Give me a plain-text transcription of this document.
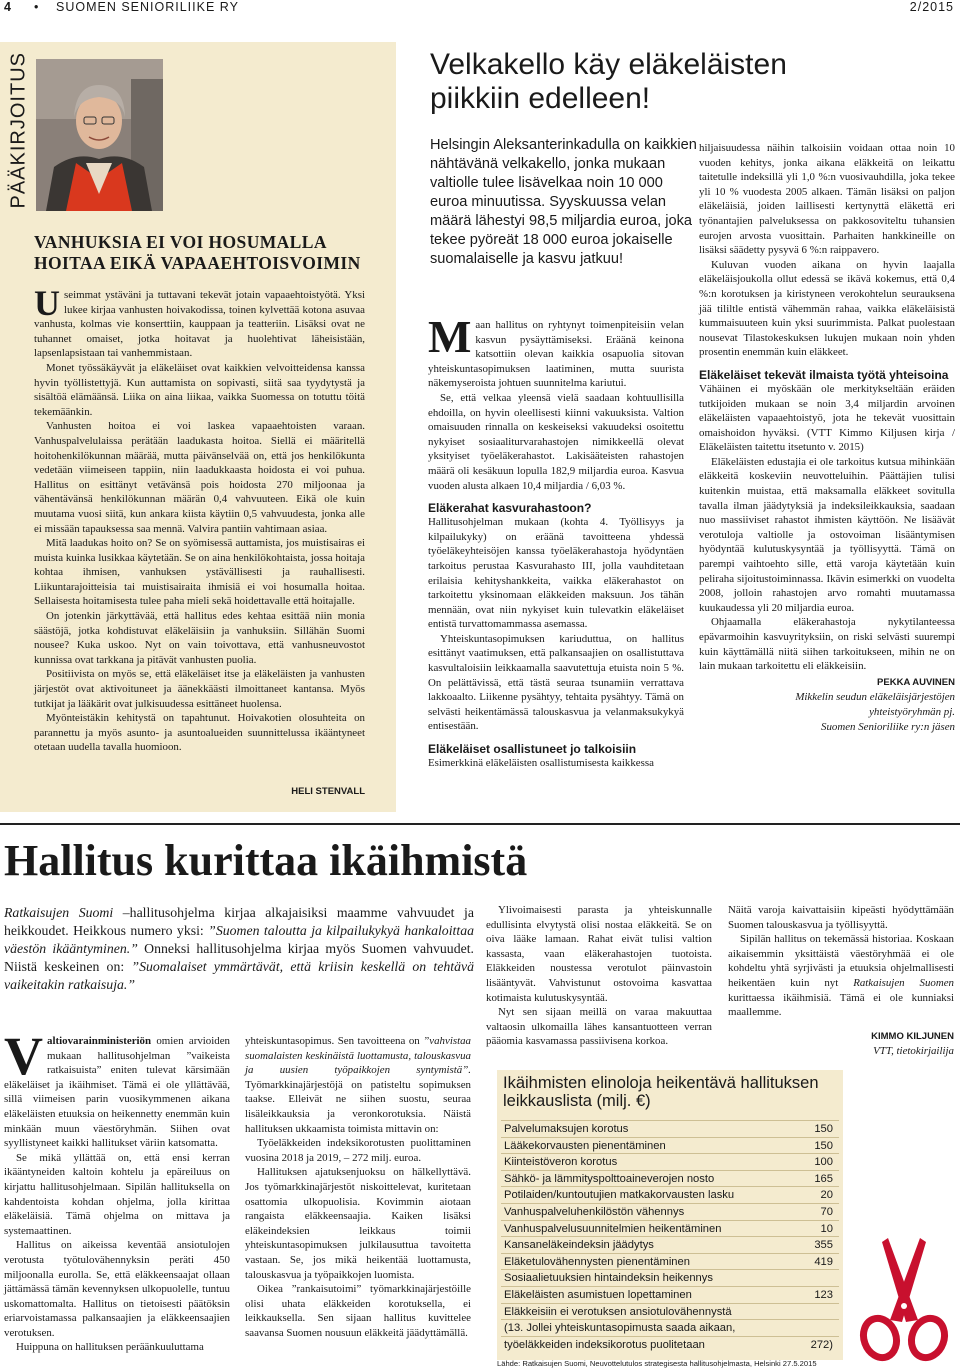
4 • SUOMEN SENIORILIIKE RY	2/2015
PÄÄKIRJOITUS
VANHUKSIA EI VOI HOSUMALLA
HOITAA EIKÄ VAPAAEHTOISVOIMIN

Useimmat ystäväni ja tuttavani tekevät jotain vapaaehtoistyötä. Yksi lukee kirjaa vanhusten hoivakodissa, toinen kylvettää kotona asuvaa vanhusta, kolmas vie konserttiin, kauppaan ja teatteriin. Lisäksi ovat ne tuhannet omaiset, jotka hoitavat ja huolehtivat läheisistään, lapsenlapsistaan tai vanhemmistaan.

Monet työssäkäyvät ja eläkeläiset ovat kaikkien velvoitteidensa kanssa hyvin työllistettyjä. Kun auttamista on sopivasti, siitä saa tyydytystä ja sisältöä elämäänsä. Liika on aina liikaa, vaikka Suomessa on totuttu töitä tekemäänkin.

Vanhusten hoitoa ei voi laskea vapaaehtoisten varaan. Vanhuspalvelulaissa perätään laadukasta hoitoa. Siellä ei määritellä hoitohenkilökunnan määrää, mutta päivänselvää on, että jos henkilökunta vedetään viimeiseen tappiin, niin laadukkaasta hoidosta ei voi puhua. Hallitus on esittänyt vetävänsä pois hoidosta 270 miljoonaa ja vähentävänsä henkilökunnan määrän 0,4 vahvuuteen. Eikä ole kuin muutama vuosi siitä, kun ankara kiista käytiin 0,5 vahvuudesta, jonka alle ei missään tapauksessa saa mennä. Valvira pantiin vahtimaan asiaa.

Mitä laadukas hoito on? Se on syömisessä auttamista, jos muistisairas ei muista kuinka lusikkaa käytetään. Se on aina henkilökohtaista, jossa hoitaja kohtaa ihmisen, vanhuksen ystävällisesti ja rauhallisesti. Liikuntarajoitteisia tai muistisairaita ihmisiä ei voi hosumalla hoitaa. Sellaisesta hoitamisesta tulee paha mieli sekä hoidettavalle että hoitajalle.

On jotenkin järkyttävää, että hallitus edes kehtaa esittää niin monia säästöjä, jotka kohdistuvat eläkeläisiin ja vanhuksiin. Sillähän Suomi nousee? Kuka uskoo. Nyt on vain toivottava, että vanhusneuvostot kunnissa ovat tarkkana ja pitävät vanhusten puolia.

Positiivista on myös se, että eläkeläiset itse ja eläkeläisten ja vanhusten järjestöt ovat aktivoituneet ja äänekkäästi ilmoittaneet kantansa. Myös tutkijat ja lääkärit ovat julkisuudessa esittäneet huolensa.

Myönteistäkin kehitystä on tapahtunut. Hoivakotien olosuhteita on parannettu ja myös asunto- ja asuntoalueiden suunnittelussa ikääntyneet otetaan uudella tavalla huomioon.

HELI STENVALL
Velkakello käy eläkeläisten
piikkiin edelleen!
Helsingin Aleksanterinkadulla on kaikkien nähtävänä velkakello, jonka mukaan valtiolle tulee lisävelkaa noin 10 000 euroa minuutissa. Syyskuussa velan määrä lähestyi 98,5 miljardia euroa, joka tekee pyöreät 18 000 euroa jokaiselle suomalaiselle ja kasvu jatkuu!

Maan hallitus on ryhtynyt toimenpiteisiin velan kasvun pysäyttämiseksi. Eräänä keinona katsottiin olevan kaikkia osapuolia sitovan yhteiskuntasopimuksen laatiminen, mutta suurista näkemyseroista johtuen suunnitelma kariutui.

Se, että velkaa yleensä vielä saadaan kohtuullisilla ehdoilla, on hyvin oleellisesti kiinni vakuuksista. Valtion omaisuuden rinnalla on keskeiseksi vakuudeksi osoitettu nykyiset sosiaaliturvarahastojen nimikkeellä olevat yksityiset työeläkerahastot. Lakisääteisten rahastojen määrä oli kesäkuun lopulla 182,9 miljardia euroa. Kasvua vuoden alusta alkaen 10,4 miljardia / 6,03 %.

Eläkerahat kasvurahastoon?

Hallitusohjelman mukaan (kohta 4. Työllisyys ja kilpailukyky) on eräänä tavoitteena yhdessä työeläkeyhteisöjen kanssa työeläkerahastoja hyödyntäen tarkoitus perustaa Kasvurahasto III, jolla vauhditetaan erilaisia kehityshankkeita, vaikka eläkerahastot on tarkoitettu yksinomaan eläkkeiden maksuun. Jos tähän mennään, ovat niin nykyiset kuin tulevatkin eläkeläiset entistä turvattomammassa asemassa.

Yhteiskuntasopimuksen kariuduttua, on hallitus esittänyt vaatimuksen, että palkansaajien on osallistuttava kasvultaloisiin leikkaamalla saavutettuja etuista noin 5 %. On pelättävissä, että tästä seuraa tsunamiin verrattava lakkoaalto. Liikenne pysähtyy, tehtaita pysähtyy. Tämä on selvästi heikentämässä talouskasvua ja velanmaksukykyä entisestään.

Eläkeläiset osallistuneet jo talkoisiin

Esimerkkinä eläkeläisten osallistumisesta kaikkessa

hiljaisuudessa näihin talkoisiin voidaan ottaa noin 10 vuoden kehitys, jonka aikana eläkkeitä on leikattu taitetulle indeksillä yli 1,0 %:n vuosivauhdilla, joka tekee yli 10 % vuodesta 2005 alkaen. Tämän lisäksi on paljon eläkeläisiä, joiden laillisesti kertynyttä eläkettä eri työnantajien palveluksessa on pakkosoviteltu tuhansien eurojen arvosta vuosittain. Parhaiten hankkineille on lisäksi säädetty pysyvä 6 %:n raippavero.

Kuluvan vuoden aikana on hyvin laajalla eläkeläisjoukolla ollut edessä se ikävä kokemus, että 0,4 %:n korotuksen ja kiristyneen verokohtelun seurauksena jää tililtle entistä vähemmän rahaa, vaikka eläkeläisistä kummaisuuteen kuin yksi suurimmista. Palkat puolestaan nousevat Tilastokeskuksen lukujen mukaan noin yhden prosentin enemmän kuin eläkkeet.

Eläkeläiset tekevät ilmaista työtä yhteisoina

Vähäinen ei myöskään ole merkitykseltään eräiden tutkijoiden mukaan se noin 3,4 miljardin arvoinen eläkeläisten vapaaehtoistyö, jota he tekevät vuosittain omaishoidon hyväksi. (VTT Kimmo Kiljusen kirja / Eläkeläisten taitettu itsetunto v. 2015)

Eläkeläisten edustajia ei ole tarkoitus kutsua mihinkään eläkkeitä koskeviin neuvotteluihin. Päättäjien tulisi kuitenkin muistaa, että maksamalla eläkkeet sovitulla tavalla ilman jäädytyksiä ja indeksileikkauksia, saadaan nuo massiiviset rahastot ihmisten käyttöön. Ne lisäävät verotuloja valtiolle ja ostovoiman lisääntymisen hyödyntää kulutuskysyntää ja työllisyyttä. Tämä on parempi vaihtoehto sille, että varoja käytetään kuin peliraha sijoitustoiminnassa. Ikävin esimerkki on vuodelta 2008, jolloin rahastojen arvo romahti muutamassa kuukaudessa yli 20 miljardia euroa.

Ohjaamalla eläkerahastoja nykytilanteessa epävarmoihin kasvuyrityksiin, on riski selvästi suurempi kuin käyttämällä niitä siihen tarkoitukseen, mihin ne on lain mukaan tarkoitettu eli eläkkeisiin.

PEKKA AUVINEN
Mikkelin seudun eläkeläisjärjestöjen
yhteistyöryhmän pj.
Suomen Senioriliike ry:n jäsen
Hallitus kurittaa ikäihmistä
Ratkaisujen Suomi –hallitusohjelma kirjaa alkajaisiksi maamme vahvuudet ja heikkoudet. Heikkous numero yksi: ”Suomen taloutta ja kilpailukykyä hankaloittaa väestön ikääntyminen.” Onneksi hallitusohjelma kirjaa myös Suomen vahvuudet. Niistä keskeinen on: ”Suomalaiset ymmärtävät, että kriisin keskellä on tehtävä vaikeitakin ratkaisuja.”

Valtiovarainministeriön omien arvioiden mukaan hallitusohjelman ”vaikeista ratkaisuista” eniten tulevat kärsimään eläkeläiset ja ikäihmiset. Tämä ei ole yllättävää, sillä viimeisen parin vuosikymmenen aikana eläkeläisten etuuksia on heikennetty enemmän kuin minkään muun väestöryhmän. Siihen ovat syyllistyneet kaikki hallitukset väriin katsomatta.

Se mikä yllättää on, että ensi kerran ikääntyneiden kaltoin kohtelu ja epäreiluus on kirjattu hallitusohjelmaan. Sipilän hallituksella on kahdentoista kohdan ohjelma, jolla kirittaa eläkeläisiä. Tämä ohjelma on mittava ja systemaattinen.

Hallitus on aikeissa keventää ansiotulojen verotusta työtulovähennyksin peräti 450 miljoonalla eurolla. Se, että eläkkeensaajat ollaan jättämässä tämän kevennyksen ulkopuolelle, tuntuu uskomattomalta. Hallitus on tietoisesti päätöksin eriarvoistamassa palkansaajien ja eläkkeensaajien verotuksen.

Huippuna on hallituksen peräänkuuluttama

yhteiskuntasopimus. Sen tavoitteena on ”vahvistaa suomalaisten keskinäistä luottamusta, talouskasvua ja uusien työpaikkojen syntymistä”. Työmarkkinajärjestöjä on patisteltu sopimuksen taakse. Elleivät ne siihen suostu, seuraa lisäleikkauksia ja veronkorotuksia. Näistä hallituksen ukkaamista toimista mittavin on:

Työeläkkeiden indeksikorotusten puolittaminen vuosina 2018 ja 2019, – 272 milj. euroa.

Hallituksen ajatuksenjuoksu on hälkellyttävä. Jos työmarkkinajärjestöt niskoittelevat, kuritetaan osattomia ulkopuolisia. Kovimmin aiotaan rangaista eläkkeensaajia. Kaiken lisäksi eläkeindeksien leikkaus toimii yhteiskuntasopimuksen julkilausuttua tavoitetta vastaan. Se, jos mikä heikentää luottamusta, talouskasvua ja työpaikkojen luomista.

Oikea ”rankaisutoimi” työmarkkinajärjestöille olisi uhata eläkkeiden korotuksella, ei leikkauksella. Sen sijaan hallitus kuvittelee saavansa Suomen nousuun eläkkeitä jäädyttämällä.

Ylivoimaisesti parasta ja yhteiskunnalle edullisinta elvytystä olisi nostaa eläkkeitä. Se on oiva lääke lamaan. Rahat eivät tulisi valtion kassasta, vaan eläkerahastojen tuotoista. Eläkkeiden noustessa verotulot päinvastoin lisääntyvät. Vahvistunut ostovoima kasvattaa kotimaista kulutuskysyntää.

Nyt sen sijaan meillä on varaa makuuttaa valtaosin ulkomailla lähes kansantuotteen verran pääomia kasvamassa passiivisena korkoa.

Näitä varoja kaivattaisiin kipeästi hyödyttämään Suomen talouskasvua ja työllisyyttä.

Sipilän hallitus on tekemässä historiaa. Koskaan aikaisemmin yksittäistä väestöryhmää ei ole kohdeltu yhtä syrjivästi ja etuuksia ohjelmallisesti heikentäen kuin nyt Ratkaisujen Suomen kurittaessa ikäihmisiä. Tämä ei ole kunniaksi maallemme.

KIMMO KILJUNEN
VTT, tietokirjailija
Ikäihmisten elinoloja heikentävä hallituksen leikkauslista (milj. €)
Palvelumaksujen korotus	150
Lääkekorvausten pienentäminen	150
Kiinteistöveron korotus	100
Sähkö- ja lämmityspolttoaineverojen nosto	165
Potilaiden/kuntoutujien matkakorvausten lasku	20
Vanhuspalveluhenkilöstön vähennys	70
Vanhuspalvelusuunnitelmien heikentäminen	10
Kansaneläkeindeksin jäädytys	355
Eläketulovähennysten pienentäminen	419
Sosiaalietuuksien hintaindeksin heikennys
Eläkeläisten asumistuen lopettaminen	123
Eläkkeisiin ei verotuksen ansiotulovähennystä
(13. Jollei yhteiskuntasopimusta saada aikaan,
työeläkkeiden indeksikorotus puolitetaan	272)
Lähde: Ratkaisujen Suomi, Neuvottelutulos strategisesta hallitusohjelmasta, Helsinki 27.5.2015
